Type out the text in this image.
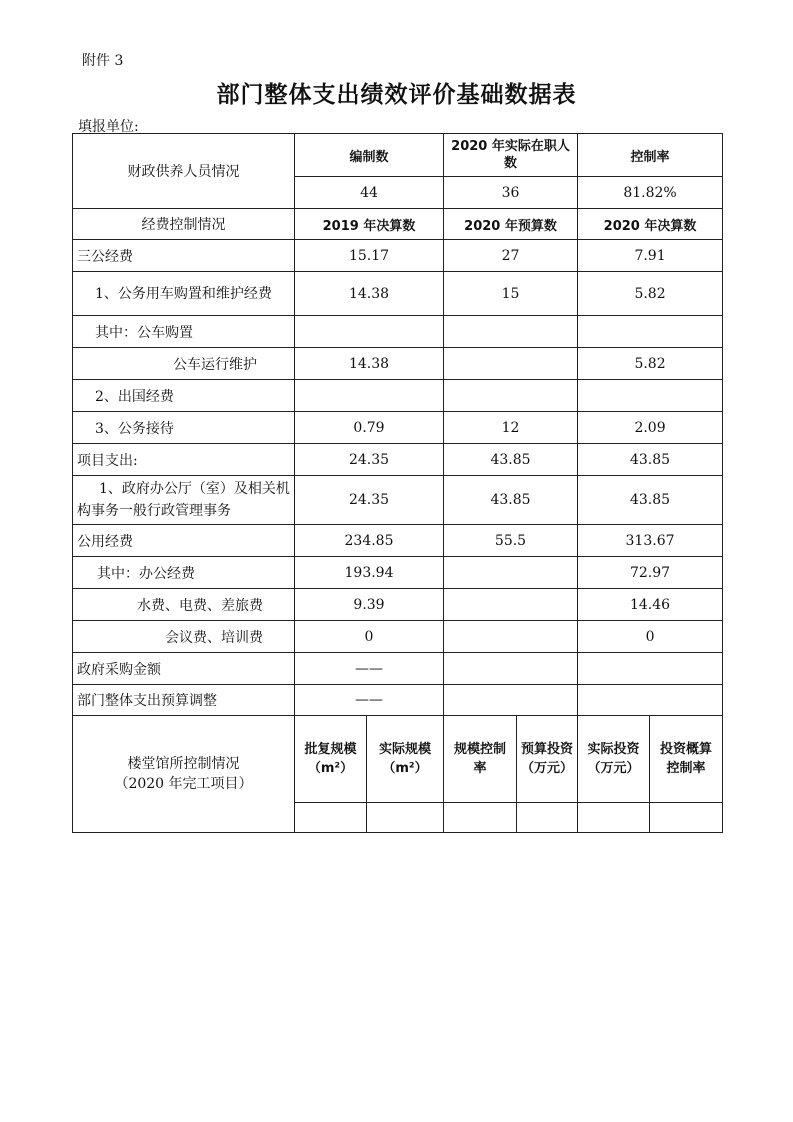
附件 3
部门整体支出绩效评价基础数据表
填报单位:
财政供养人员情况	编制数		2020 年实际在职人数		控制率	
	44		36		81.82%	
经费控制情况	2019 年决算数		2020 年预算数		2020 年决算数	
三公经费	15.17		27		7.91	
1、公务用车购置和维护经费	14.38		15		5.82	
其中：公车购置						
公车运行维护	14.38				5.82	
2、出国经费						
3、公务接待	0.79		12		2.09	
项目支出:	24.35		43.85		43.85	
1、政府办公厅（室）及相关机构事务一般行政管理事务	24.35		43.85		43.85	
公用经费	234.85		55.5		313.67	
其中：办公经费	193.94				72.97	
水费、电费、差旅费	9.39				14.46	
会议费、培训费	0				0	
政府采购金额	——					
部门整体支出预算调整	——					

楼堂馆所控制情况
（2020 年完工项目）	批复规模（m²）	实际规模（m²）	规模控制率	预算投资（万元）	实际投资（万元）	投资概算控制率
